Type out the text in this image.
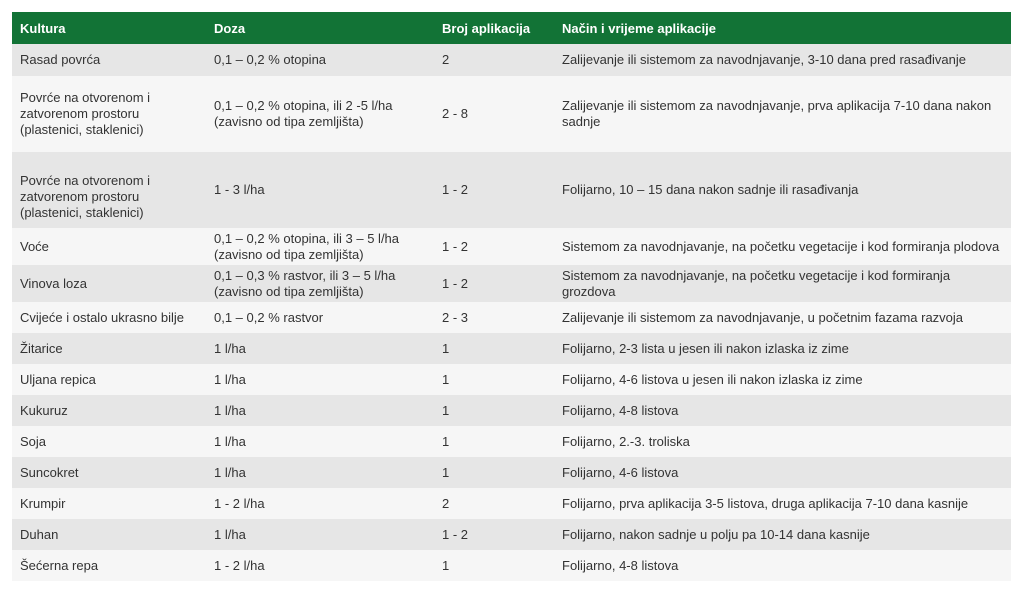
Kultura	Doza	Broj aplikacija	Način i vrijeme aplikacije
Rasad povrća	0,1 – 0,2 % otopina	2	Zalijevanje ili sistemom za navodnjavanje, 3-10 dana pred rasađivanje
Povrće na otvorenom i zatvorenom prostoru (plastenici, staklenici)	0,1 – 0,2 % otopina, ili 2 -5 l/ha (zavisno od tipa zemljišta)	2 - 8	Zalijevanje ili sistemom za navodnjavanje, prva aplikacija 7-10 dana nakon sadnje
Povrće na otvorenom i zatvorenom prostoru (plastenici, staklenici)	1 - 3 l/ha	1 - 2	Folijarno, 10 – 15 dana nakon sadnje ili rasađivanja
Voće	0,1 – 0,2 % otopina, ili 3 – 5 l/ha (zavisno od tipa zemljišta)	1 - 2	Sistemom za navodnjavanje, na početku vegetacije i kod formiranja plodova
Vinova loza	0,1 – 0,3 % rastvor, ili 3 – 5 l/ha (zavisno od tipa zemljišta)	1 - 2	Sistemom za navodnjavanje, na početku vegetacije i kod formiranja grozdova
Cvijeće i ostalo ukrasno bilje	0,1 – 0,2 % rastvor	2 - 3	Zalijevanje ili sistemom za navodnjavanje, u početnim fazama razvoja
Žitarice	1 l/ha	1	Folijarno, 2-3 lista u jesen ili nakon izlaska iz zime
Uljana repica	1 l/ha	1	Folijarno, 4-6 listova u jesen ili nakon izlaska iz zime
Kukuruz	1 l/ha	1	Folijarno, 4-8 listova
Soja	1 l/ha	1	Folijarno, 2.-3. troliska
Suncokret	1 l/ha	1	Folijarno, 4-6 listova
Krumpir	1 - 2 l/ha	2	Folijarno, prva aplikacija 3-5 listova, druga aplikacija 7-10 dana kasnije
Duhan	1 l/ha	1 - 2	Folijarno, nakon sadnje u polju pa 10-14 dana kasnije
Šećerna repa	1 - 2 l/ha	1	Folijarno, 4-8 listova
